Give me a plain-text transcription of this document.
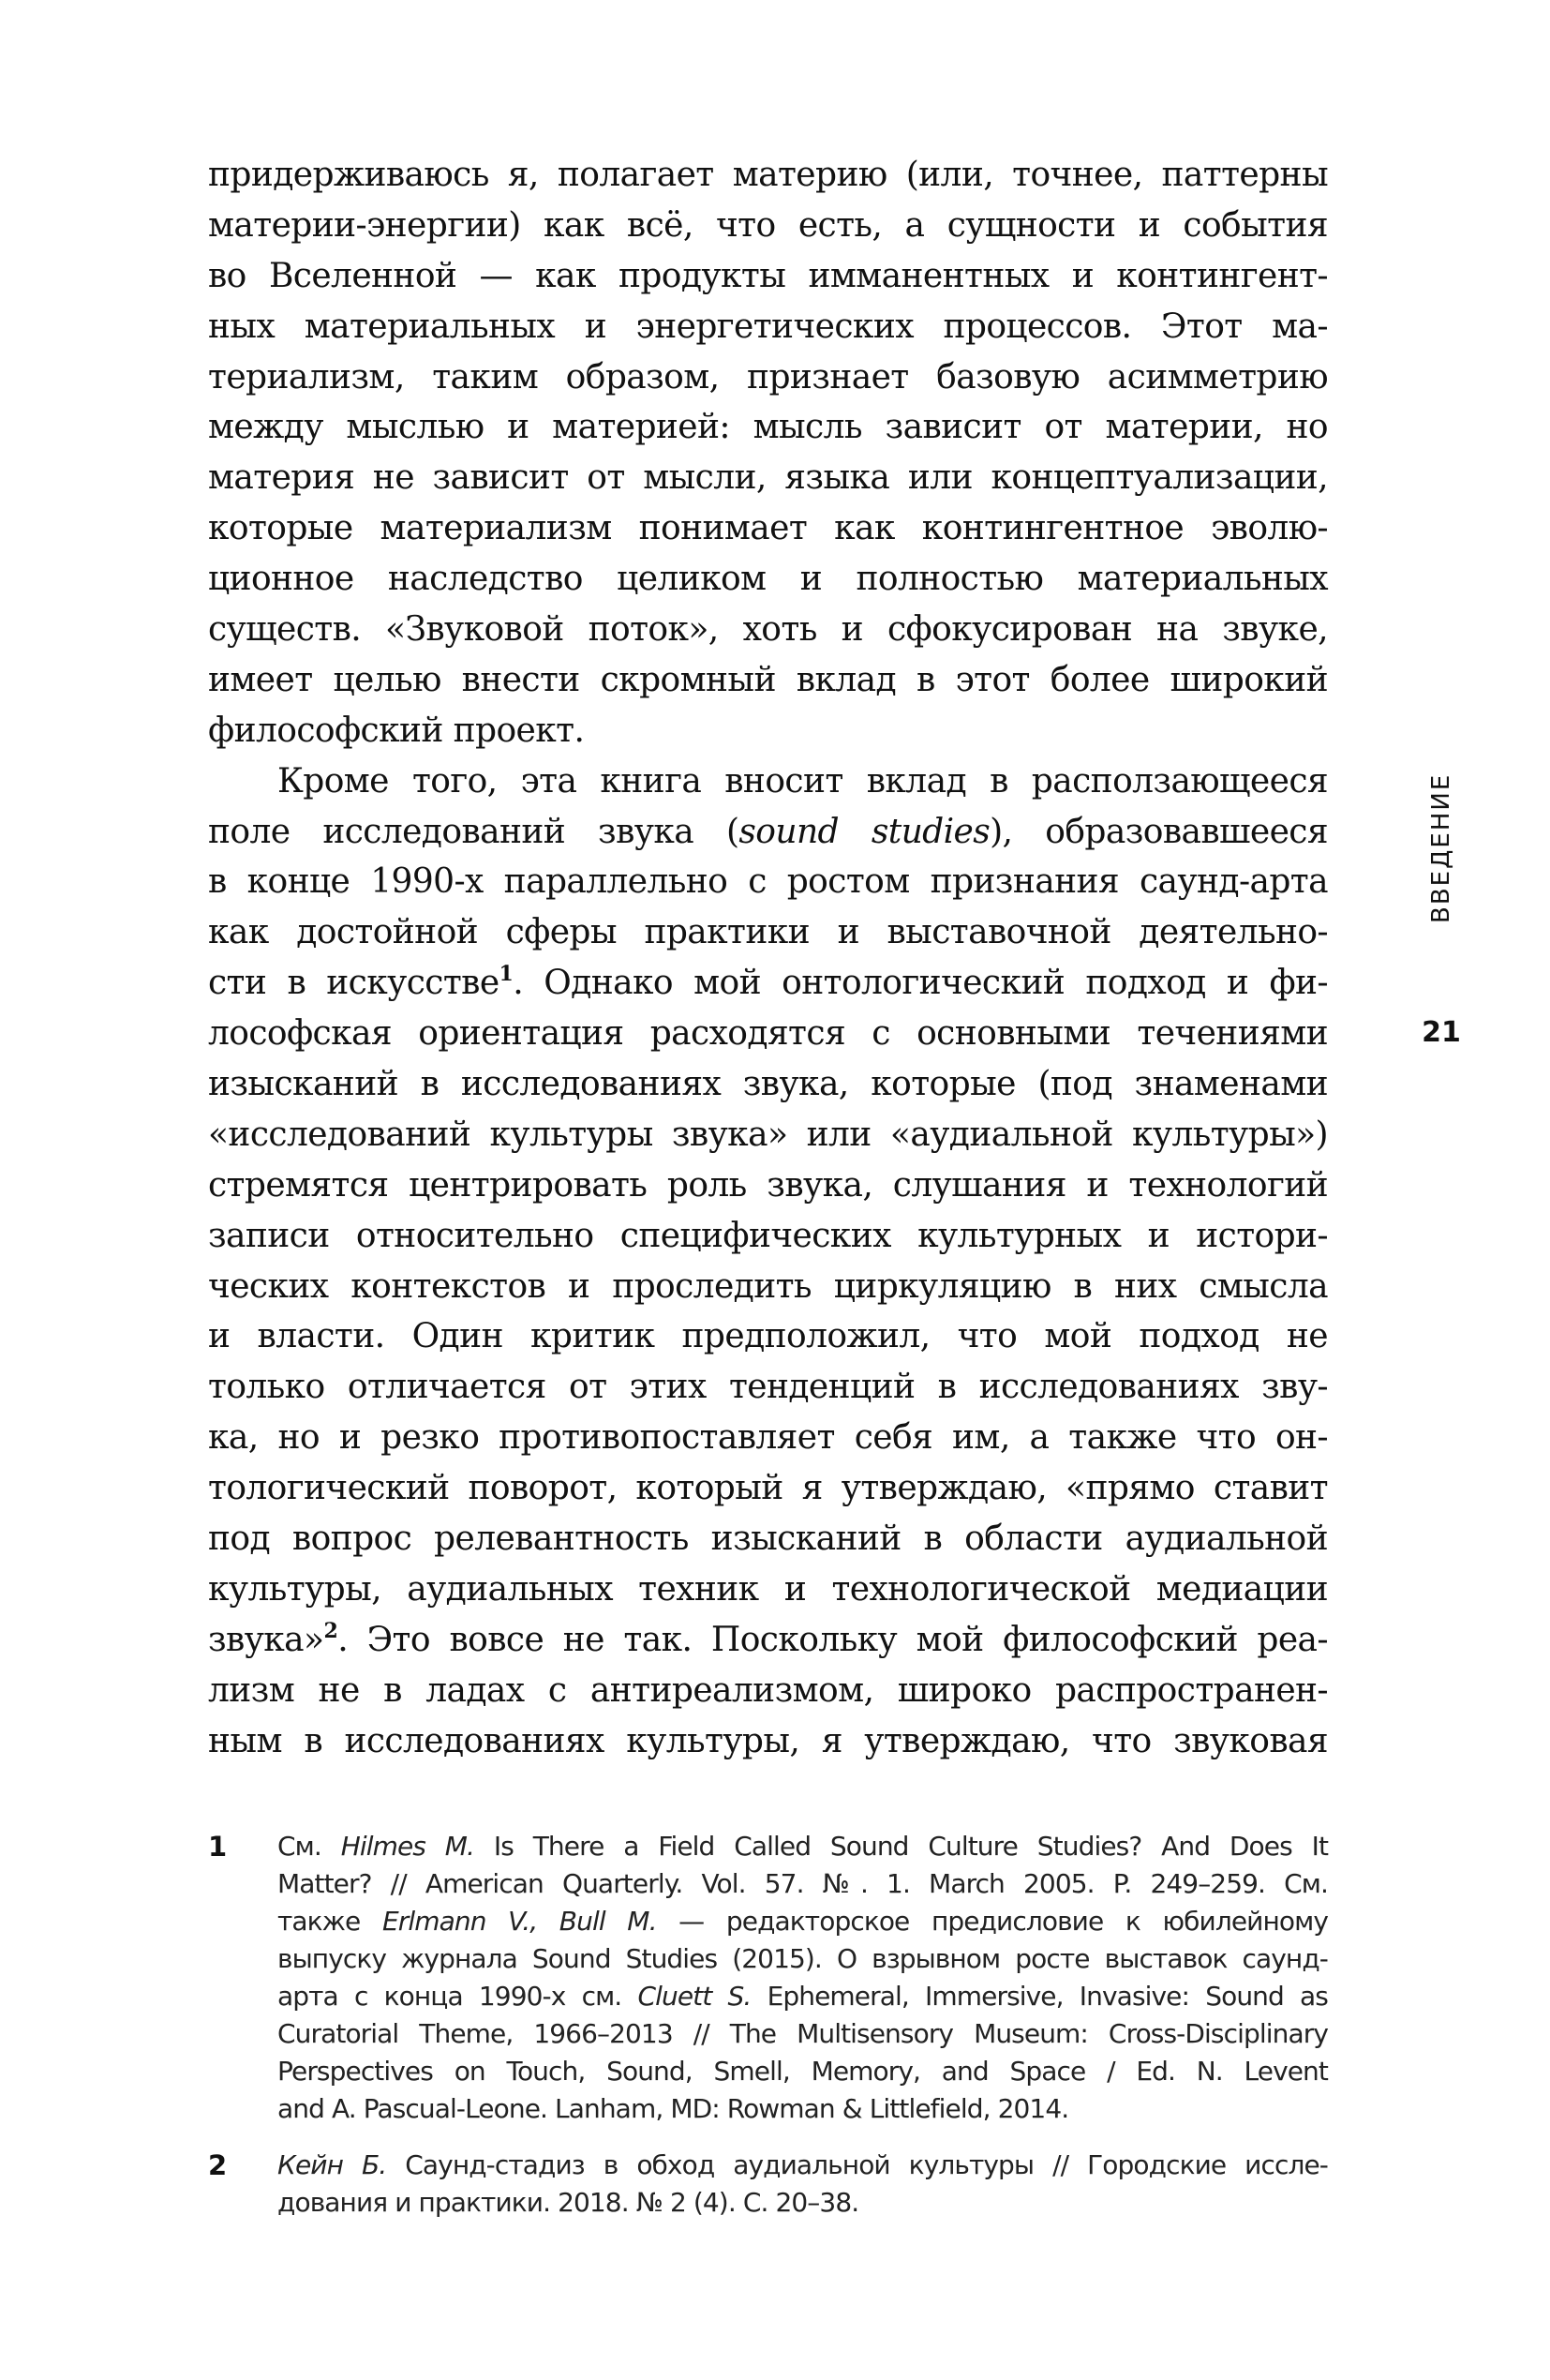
придерживаюсь я, полагает материю (или, точнее, паттерны
материи-энергии) как всё, что есть, а сущности и события
во Вселенной — как продукты имманентных и контингент-
ных материальных и энергетических процессов. Этот ма-
териализм, таким образом, признает базовую асимметрию
между мыслью и материей: мысль зависит от материи, но
материя не зависит от мысли, языка или концептуализации,
которые материализм понимает как контингентное эволю-
ционное наследство целиком и полностью материальных
существ. «Звуковой поток», хоть и сфокусирован на звуке,
имеет целью внести скромный вклад в этот более широкий
философский проект.
Кроме того, эта книга вносит вклад в расползающееся
поле исследований звука (sound studies), образовавшееся
в конце 1990-х параллельно с ростом признания саунд-арта
как достойной сферы практики и выставочной деятельно-
сти в искусстве$^1$. Однако мой онтологический подход и фи-
лософская ориентация расходятся с основными течениями
изысканий в исследованиях звука, которые (под знаменами
«исследований культуры звука» или «аудиальной культуры»)
стремятся центрировать роль звука, слушания и технологий
записи относительно специфических культурных и истори-
ческих контекстов и проследить циркуляцию в них смысла
и власти. Один критик предположил, что мой подход не
только отличается от этих тенденций в исследованиях зву-
ка, но и резко противопоставляет себя им, а также что он-
тологический поворот, который я утверждаю, «прямо ставит
под вопрос релевантность изысканий в области аудиальной
культуры, аудиальных техник и технологической медиации
звука»$^2$. Это вовсе не так. Поскольку мой философский реа-
лизм не в ладах с антиреализмом, широко распространен-
ным в исследованиях культуры, я утверждаю, что звуковая
ВВЕДЕНИЕ
21
1 См. Hilmes M. Is There a Field Called Sound Culture Studies? And Does It
Matter? // American Quarterly. Vol. 57. №. 1. March 2005. P. 249–259. См.
также Erlmann V., Bull M. — редакторское предисловие к юбилейному
выпуску журнала Sound Studies (2015). О взрывном росте выставок саунд-
арта с конца 1990-х см. Cluett S. Ephemeral, Immersive, Invasive: Sound as
Curatorial Theme, 1966–2013 // The Multisensory Museum: Cross-Disciplinary
Perspectives on Touch, Sound, Smell, Memory, and Space / Ed. N. Levent
and A. Pascual-Leone. Lanham, MD: Rowman & Littlefield, 2014.
2 Кейн Б. Саунд-стадиз в обход аудиальной культуры // Городские иссле-
дования и практики. 2018. № 2 (4). С. 20–38.
